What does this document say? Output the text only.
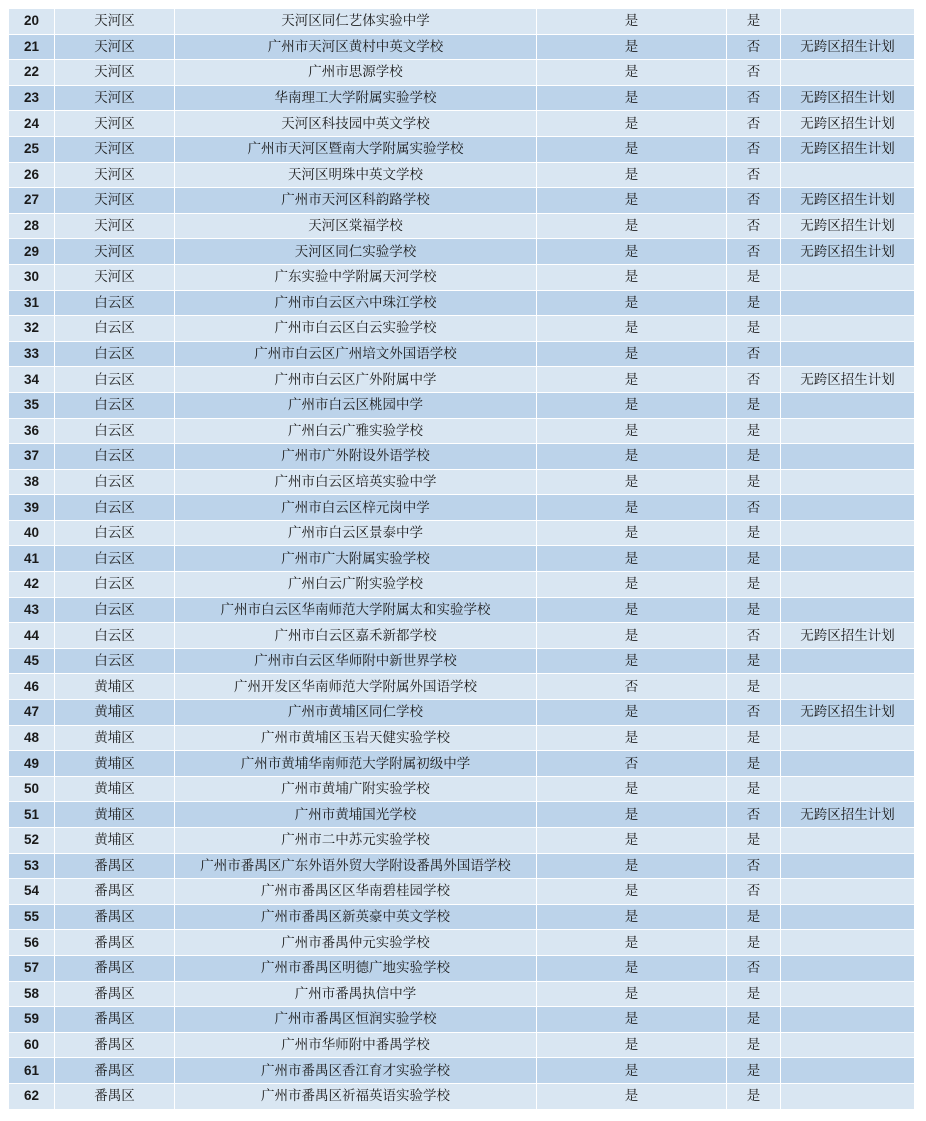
20	天河区	天河区同仁艺体实验中学	是	是	
21	天河区	广州市天河区黄村中英文学校	是	否	无跨区招生计划
22	天河区	广州市思源学校	是	否	
23	天河区	华南理工大学附属实验学校	是	否	无跨区招生计划
24	天河区	天河区科技园中英文学校	是	否	无跨区招生计划
25	天河区	广州市天河区暨南大学附属实验学校	是	否	无跨区招生计划
26	天河区	天河区明珠中英文学校	是	否	
27	天河区	广州市天河区科韵路学校	是	否	无跨区招生计划
28	天河区	天河区棠福学校	是	否	无跨区招生计划
29	天河区	天河区同仁实验学校	是	否	无跨区招生计划
30	天河区	广东实验中学附属天河学校	是	是	
31	白云区	广州市白云区六中珠江学校	是	是	
32	白云区	广州市白云区白云实验学校	是	是	
33	白云区	广州市白云区广州培文外国语学校	是	否	
34	白云区	广州市白云区广外附属中学	是	否	无跨区招生计划
35	白云区	广州市白云区桃园中学	是	是	
36	白云区	广州白云广雅实验学校	是	是	
37	白云区	广州市广外附设外语学校	是	是	
38	白云区	广州市白云区培英实验中学	是	是	
39	白云区	广州市白云区梓元岗中学	是	否	
40	白云区	广州市白云区景泰中学	是	是	
41	白云区	广州市广大附属实验学校	是	是	
42	白云区	广州白云广附实验学校	是	是	
43	白云区	广州市白云区华南师范大学附属太和实验学校	是	是	
44	白云区	广州市白云区嘉禾新都学校	是	否	无跨区招生计划
45	白云区	广州市白云区华师附中新世界学校	是	是	
46	黄埔区	广州开发区华南师范大学附属外国语学校	否	是	
47	黄埔区	广州市黄埔区同仁学校	是	否	无跨区招生计划
48	黄埔区	广州市黄埔区玉岩天健实验学校	是	是	
49	黄埔区	广州市黄埔华南师范大学附属初级中学	否	是	
50	黄埔区	广州市黄埔广附实验学校	是	是	
51	黄埔区	广州市黄埔国光学校	是	否	无跨区招生计划
52	黄埔区	广州市二中苏元实验学校	是	是	
53	番禺区	广州市番禺区广东外语外贸大学附设番禺外国语学校	是	否	
54	番禺区	广州市番禺区区华南碧桂园学校	是	否	
55	番禺区	广州市番禺区新英豪中英文学校	是	是	
56	番禺区	广州市番禺仲元实验学校	是	是	
57	番禺区	广州市番禺区明德广地实验学校	是	否	
58	番禺区	广州市番禺执信中学	是	是	
59	番禺区	广州市番禺区恒润实验学校	是	是	
60	番禺区	广州市华师附中番禺学校	是	是	
61	番禺区	广州市番禺区香江育才实验学校	是	是	
62	番禺区	广州市番禺区祈福英语实验学校	是	是	
